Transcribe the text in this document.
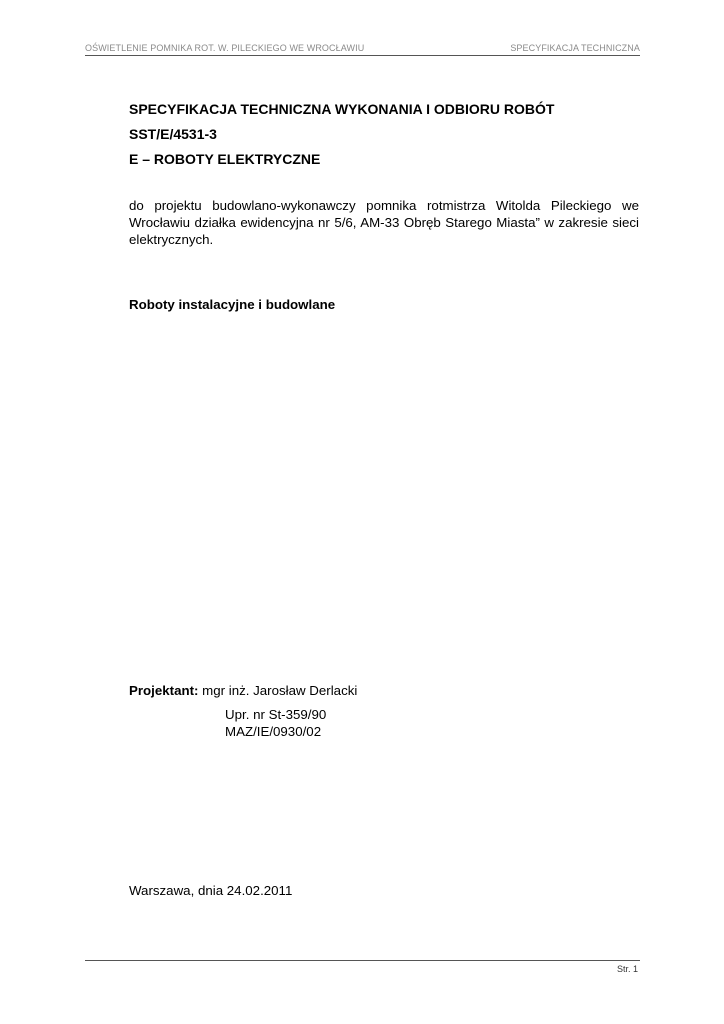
OŚWIETLENIE POMNIKA ROT. W. PILECKIEGO WE WROCŁAWIU	SPECYFIKACJA TECHNICZNA
SPECYFIKACJA TECHNICZNA WYKONANIA I ODBIORU ROBÓT
SST/E/4531-3
E – ROBOTY ELEKTRYCZNE
do projektu budowlano-wykonawczy pomnika rotmistrza Witolda Pileckiego we Wrocławiu działka ewidencyjna nr 5/6, AM-33 Obręb Starego Miasta” w zakresie sieci elektrycznych.
Roboty instalacyjne i budowlane
Projektant: mgr inż. Jarosław Derlacki
Upr. nr St-359/90
MAZ/IE/0930/02
Warszawa, dnia 24.02.2011
Str. 1
